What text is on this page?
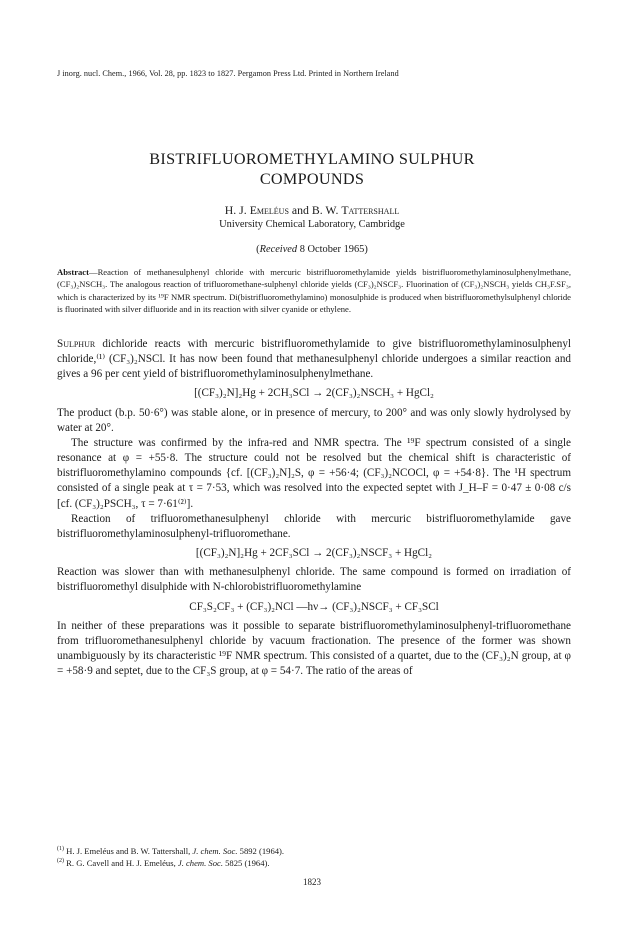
J inorg. nucl. Chem., 1966, Vol. 28, pp. 1823 to 1827. Pergamon Press Ltd. Printed in Northern Ireland
BISTRIFLUOROMETHYLAMINO SULPHUR
COMPOUNDS
H. J. Emeléus and B. W. Tattershall
University Chemical Laboratory, Cambridge
(Received 8 October 1965)
Abstract—Reaction of methanesulphenyl chloride with mercuric bistrifluoromethylamide yields bistrifluoromethylaminosulphenylmethane, (CF₃)₂NSCH₃. The analogous reaction of trifluoromethane-sulphenyl chloride yields (CF₃)₂NSCF₃. Fluorination of (CF₃)₂NSCH₃ yields CH₃F.SF₃, which is characterized by its ¹⁹F NMR spectrum. Di(bistrifluoromethylamino) monosulphide is produced when bistrifluoromethylsulphenyl chloride is fluorinated with silver difluoride and in its reaction with silver cyanide or ethylene.

Sulphur dichloride reacts with mercuric bistrifluoromethylamide to give bistrifluoromethylaminosulphenyl chloride,⁽¹⁾ (CF₃)₂NSCl. It has now been found that methanesulphenyl chloride undergoes a similar reaction and gives a 96 per cent yield of bistrifluoromethylaminosulphenylmethane.

[(CF₃)₂N]₂Hg + 2CH₃SCl → 2(CF₃)₂NSCH₃ + HgCl₂

The product (b.p. 50·6°) was stable alone, or in presence of mercury, to 200° and was only slowly hydrolysed by water at 20°.

The structure was confirmed by the infra-red and NMR spectra. The ¹⁹F spectrum consisted of a single resonance at φ = +55·8. The structure could not be resolved but the chemical shift is characteristic of bistrifluoromethylamino compounds {cf. [(CF₃)₂N]₂S, φ = +56·4; (CF₃)₂NCOCl, φ = +54·8}. The ¹H spectrum consisted of a single peak at τ = 7·53, which was resolved into the expected septet with J_H–F = 0·47 ± 0·08 c/s [cf. (CF₃)₂PSCH₃, τ = 7·61⁽²⁾].

Reaction of trifluoromethanesulphenyl chloride with mercuric bistrifluoromethylamide gave bistrifluoromethylaminosulphenyl-trifluoromethane.

[(CF₃)₂N]₂Hg + 2CF₃SCl → 2(CF₃)₂NSCF₃ + HgCl₂

Reaction was slower than with methanesulphenyl chloride. The same compound is formed on irradiation of bistrifluoromethyl disulphide with N-chlorobistrifluoromethylamine

CF₃S₂CF₃ + (CF₃)₂NCl —hν→ (CF₃)₂NSCF₃ + CF₃SCl

In neither of these preparations was it possible to separate bistrifluoromethylaminosulphenyl-trifluoromethane from trifluoromethanesulphenyl chloride by vacuum fractionation. The presence of the former was shown unambiguously by its characteristic ¹⁹F NMR spectrum. This consisted of a quartet, due to the (CF₃)₂N group, at φ = +58·9 and septet, due to the CF₃S group, at φ = 54·7. The ratio of the areas of

$^{(1)}$ H. J. Emeléus and B. W. Tattershall, J. chem. Soc. 5892 (1964).
$^{(2)}$ R. G. Cavell and H. J. Emeléus, J. chem. Soc. 5825 (1964).
1823
